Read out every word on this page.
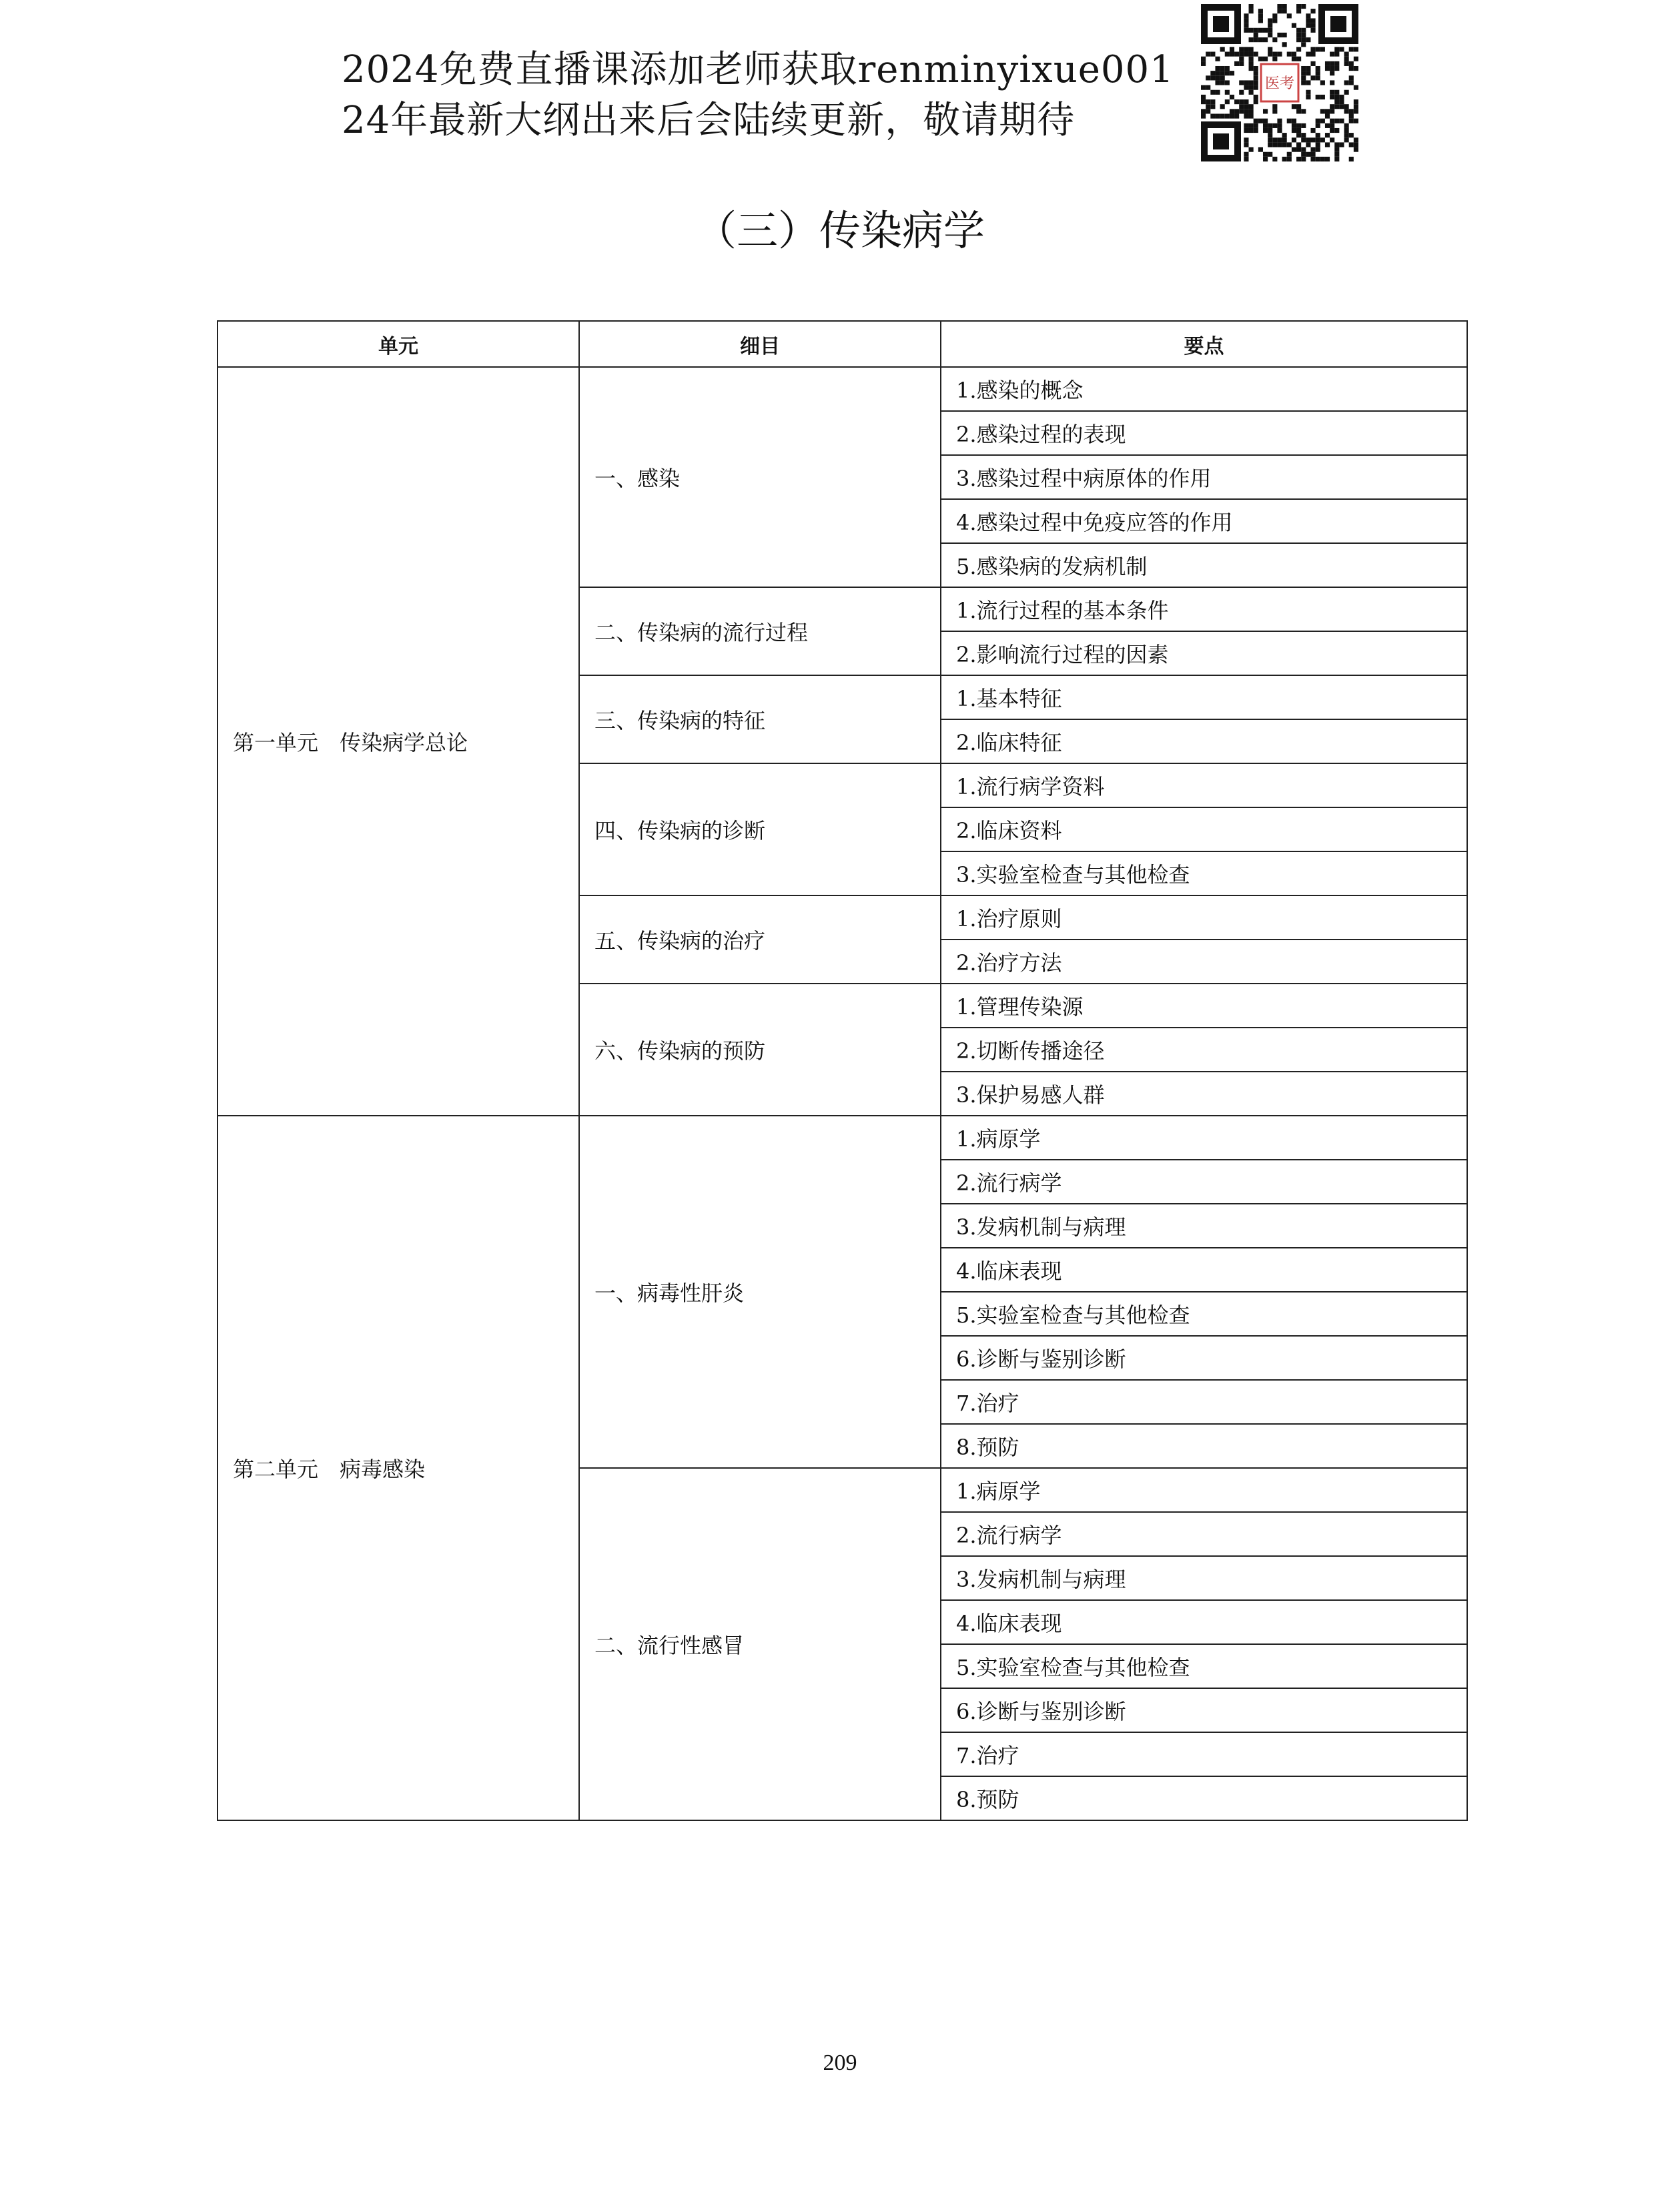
2024免费直播课添加老师获取renminyixue001
24年最新大纲出来后会陆续更新，敬请期待
医考
（三）传染病学
单元	细目	要点
第一单元　传染病学总论	一、感染	1.感染的概念
		2.感染过程的表现
		3.感染过程中病原体的作用
		4.感染过程中免疫应答的作用
		5.感染病的发病机制
	二、传染病的流行过程	1.流行过程的基本条件
		2.影响流行过程的因素
	三、传染病的特征	1.基本特征
		2.临床特征
	四、传染病的诊断	1.流行病学资料
		2.临床资料
		3.实验室检查与其他检查
	五、传染病的治疗	1.治疗原则
		2.治疗方法
	六、传染病的预防	1.管理传染源
		2.切断传播途径
		3.保护易感人群
第二单元　病毒感染	一、病毒性肝炎	1.病原学
		2.流行病学
		3.发病机制与病理
		4.临床表现
		5.实验室检查与其他检查
		6.诊断与鉴别诊断
		7.治疗
		8.预防
	二、流行性感冒	1.病原学
		2.流行病学
		3.发病机制与病理
		4.临床表现
		5.实验室检查与其他检查
		6.诊断与鉴别诊断
		7.治疗
		8.预防
209
